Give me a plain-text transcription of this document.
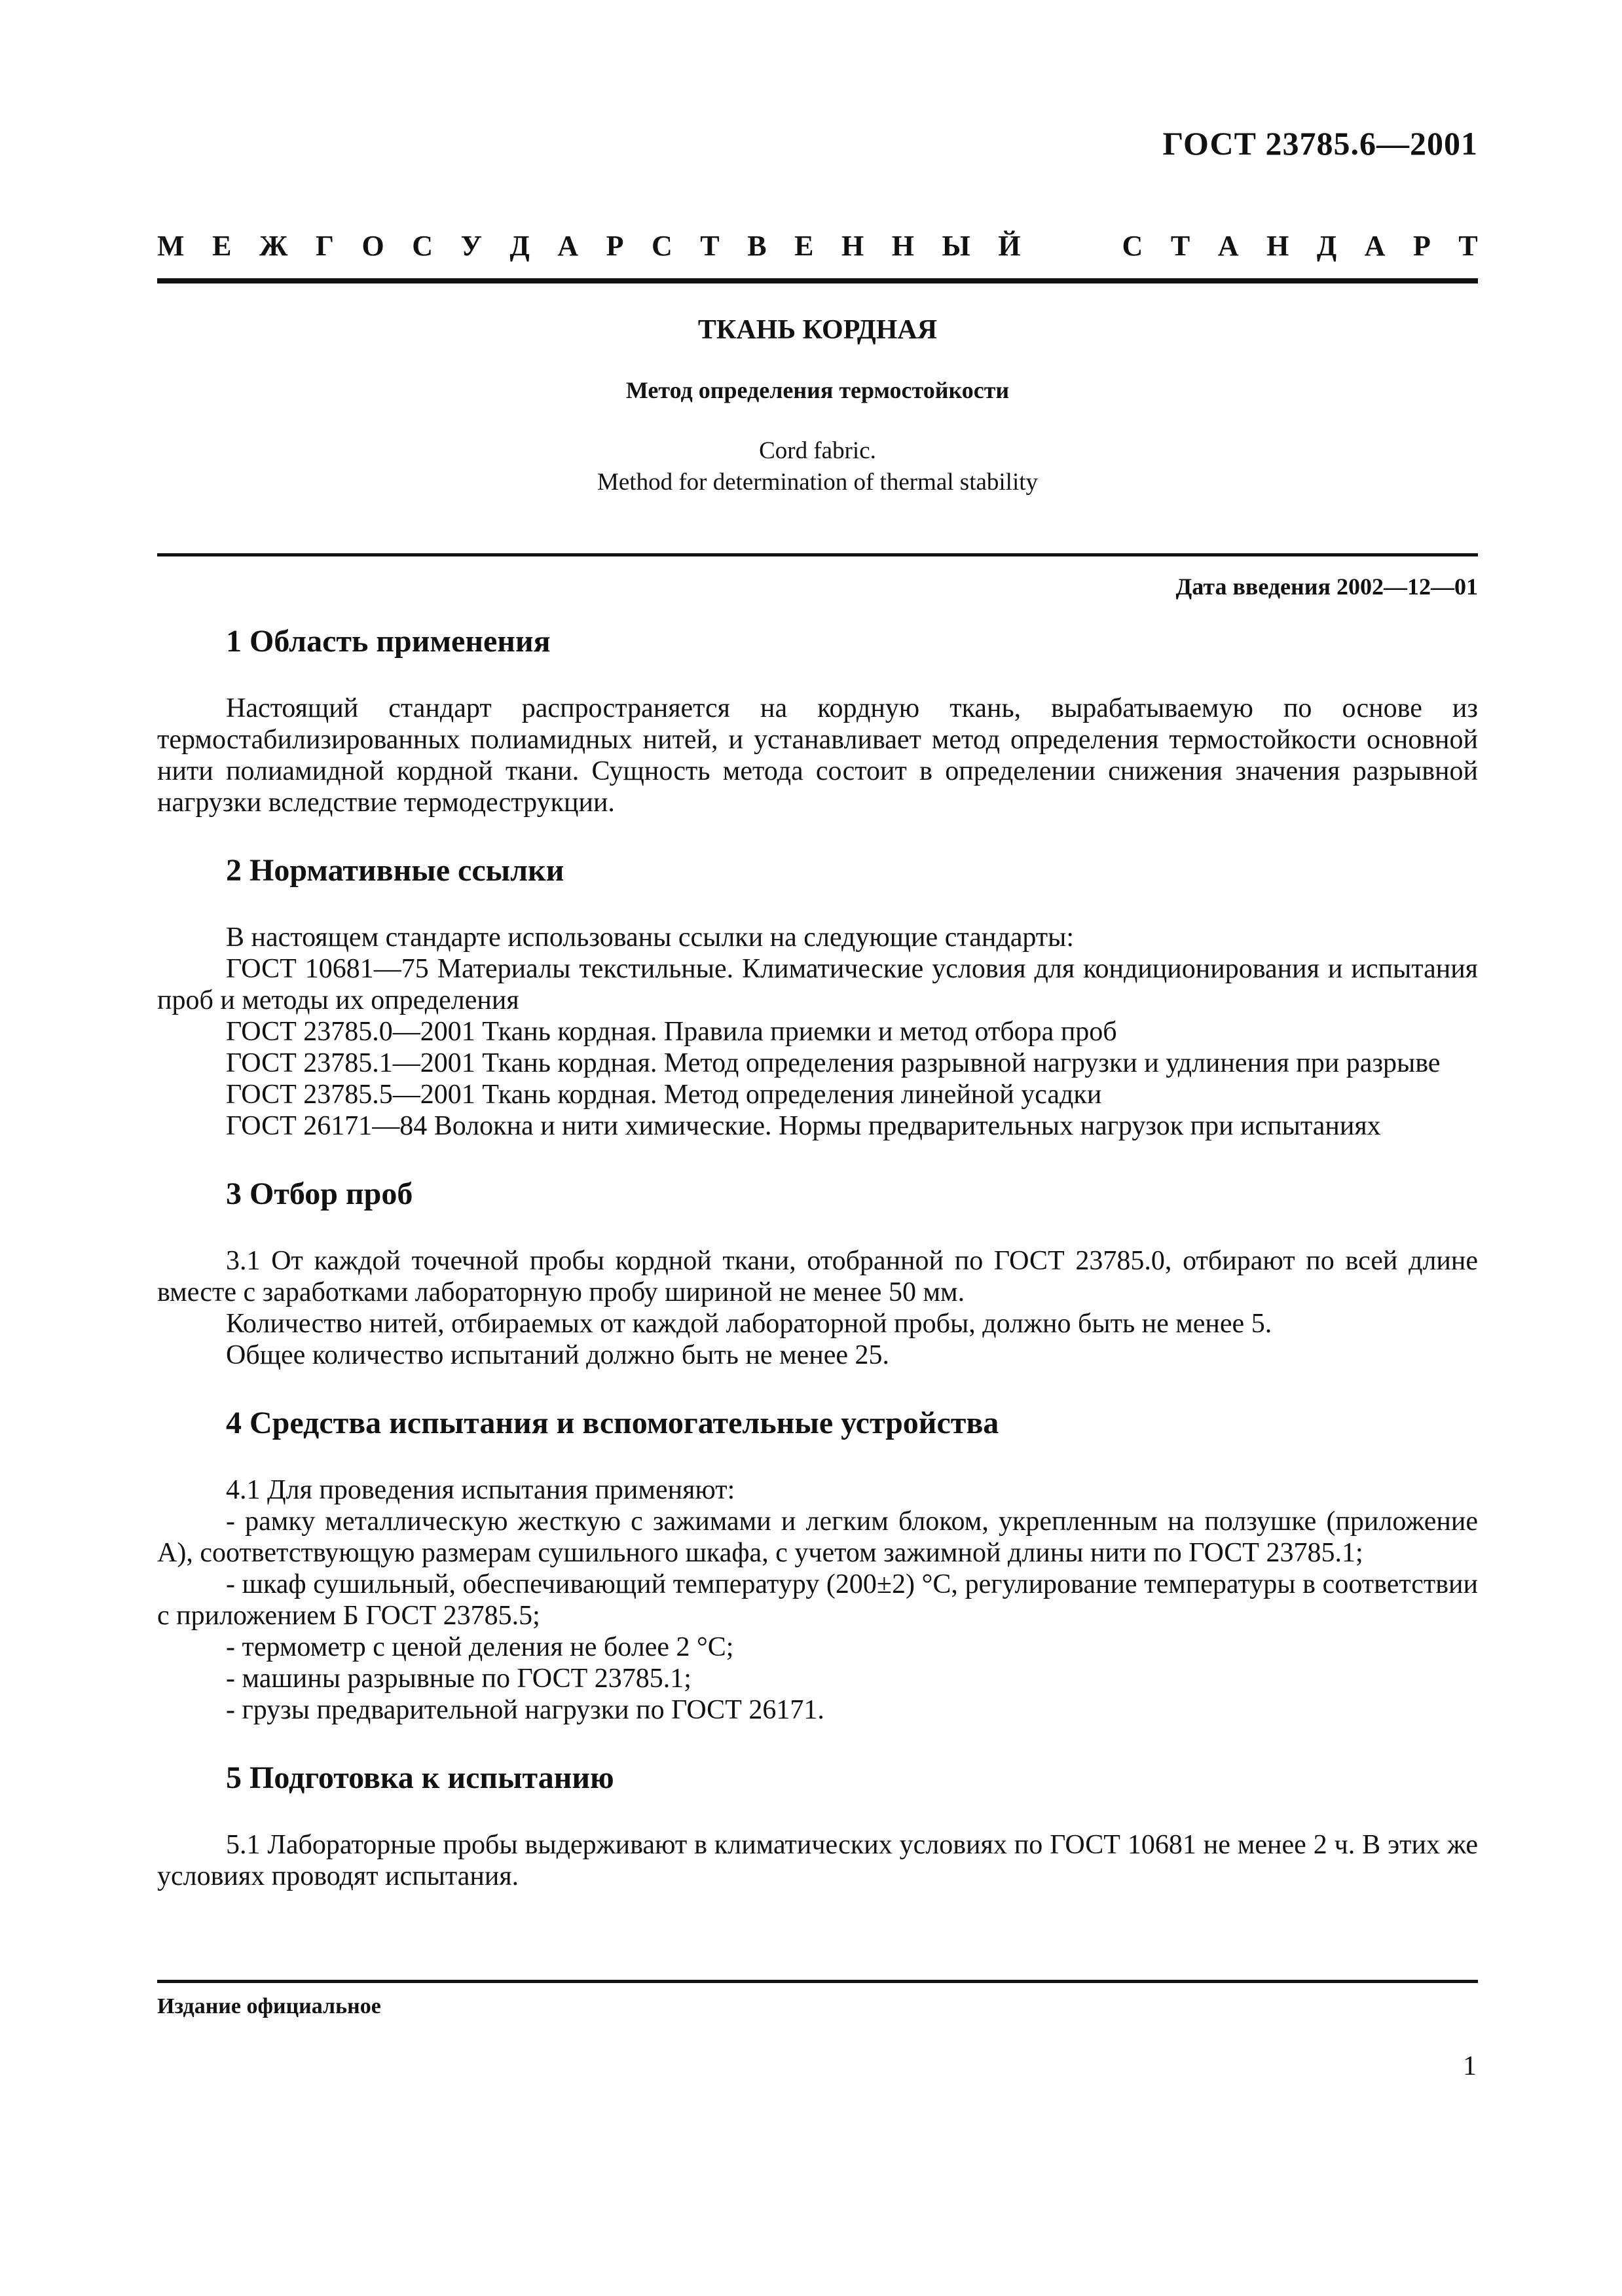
ГОСТ 23785.6—2001
М Е Ж Г О С У Д А Р С Т В Е Н Н Ы Й	С Т А Н Д А Р Т
ТКАНЬ КОРДНАЯ
Метод определения термостойкости
Cord fabric.
Method for determination of thermal stability
Дата введения 2002—12—01
1 Область применения

Настоящий стандарт распространяется на кордную ткань, вырабатываемую по основе из термостабилизированных полиамидных нитей, и устанавливает метод определения термостойкости основной нити полиамидной кордной ткани. Сущность метода состоит в определении снижения значения разрывной нагрузки вследствие термодеструкции.

2 Нормативные ссылки

В настоящем стандарте использованы ссылки на следующие стандарты:

ГОСТ 10681—75 Материалы текстильные. Климатические условия для кондиционирования и испытания проб и методы их определения

ГОСТ 23785.0—2001 Ткань кордная. Правила приемки и метод отбора проб

ГОСТ 23785.1—2001 Ткань кордная. Метод определения разрывной нагрузки и удлинения при разрыве

ГОСТ 23785.5—2001 Ткань кордная. Метод определения линейной усадки

ГОСТ 26171—84 Волокна и нити химические. Нормы предварительных нагрузок при испытаниях

3 Отбор проб

3.1 От каждой точечной пробы кордной ткани, отобранной по ГОСТ 23785.0, отбирают по всей длине вместе с заработками лабораторную пробу шириной не менее 50 мм.

Количество нитей, отбираемых от каждой лабораторной пробы, должно быть не менее 5.

Общее количество испытаний должно быть не менее 25.

4 Средства испытания и вспомогательные устройства

4.1 Для проведения испытания применяют:

- рамку металлическую жесткую с зажимами и легким блоком, укрепленным на ползушке (приложение А), соответствующую размерам сушильного шкафа, с учетом зажимной длины нити по ГОСТ 23785.1;

- шкаф сушильный, обеспечивающий температуру (200±2) °С, регулирование температуры в соответствии с приложением Б ГОСТ 23785.5;

- термометр с ценой деления не более 2 °С;

- машины разрывные по ГОСТ 23785.1;

- грузы предварительной нагрузки по ГОСТ 26171.

5 Подготовка к испытанию

5.1 Лабораторные пробы выдерживают в климатических условиях по ГОСТ 10681 не менее 2 ч. В этих же условиях проводят испытания.

Издание официальное
1
